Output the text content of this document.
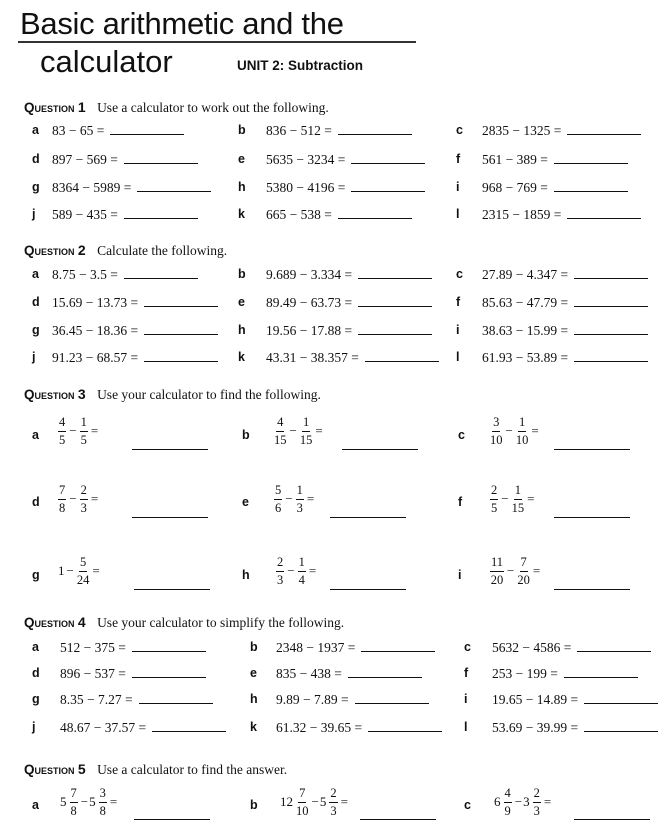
Basic arithmetic and the
calculator	UNIT 2: Subtraction
Question 1 Use a calculator to work out the following.
a 83 − 65 =	b 836 − 512 =	c 2835 − 1325 =
d 897 − 569 =	e 5635 − 3234 =	f 561 − 389 =
g 8364 − 5989 =	h 5380 − 4196 =	i 968 − 769 =
j 589 − 435 =	k 665 − 538 =	l 2315 − 1859 =
Question 2 Calculate the following.
a 8.75 − 3.5 =	b 9.689 − 3.334 =	c 27.89 − 4.347 =
d 15.69 − 13.73 =	e 89.49 − 63.73 =	f 85.63 − 47.79 =
g 36.45 − 18.36 =	h 19.56 − 17.88 =	i 38.63 − 15.99 =
j 91.23 − 68.57 =	k 43.31 − 38.357 =	l 61.93 − 53.89 =
Question 3 Use your calculator to find the following.
a $\frac{4}{5} - \frac{1}{5}$ =	b $\frac{4}{15} - \frac{1}{15}$ =	c $\frac{3}{10} - \frac{1}{10}$ =
d $\frac{7}{8} - \frac{2}{3}$ =	e $\frac{5}{6} - \frac{1}{3}$ =	f $\frac{2}{5} - \frac{1}{15}$ =
g $1 - \frac{5}{24}$ =	h $\frac{2}{3} - \frac{1}{4}$ =	i $\frac{11}{20} - \frac{7}{20}$ =
Question 4 Use your calculator to simplify the following.
a 512 − 375 =	b 2348 − 1937 =	c 5632 − 4586 =
d 896 − 537 =	e 835 − 438 =	f 253 − 199 =
g 8.35 − 7.27 =	h 9.89 − 7.89 =	i 19.65 − 14.89 =
j 48.67 − 37.57 =	k 61.32 − 39.65 =	l 53.69 − 39.99 =
Question 5 Use a calculator to find the answer.
a $5 \frac{7}{8} - 5 \frac{3}{8}$ =	b $12 \frac{7}{10} - 5 \frac{2}{3}$ =	c $6 \frac{4}{9} - 3 \frac{2}{3}$ =
